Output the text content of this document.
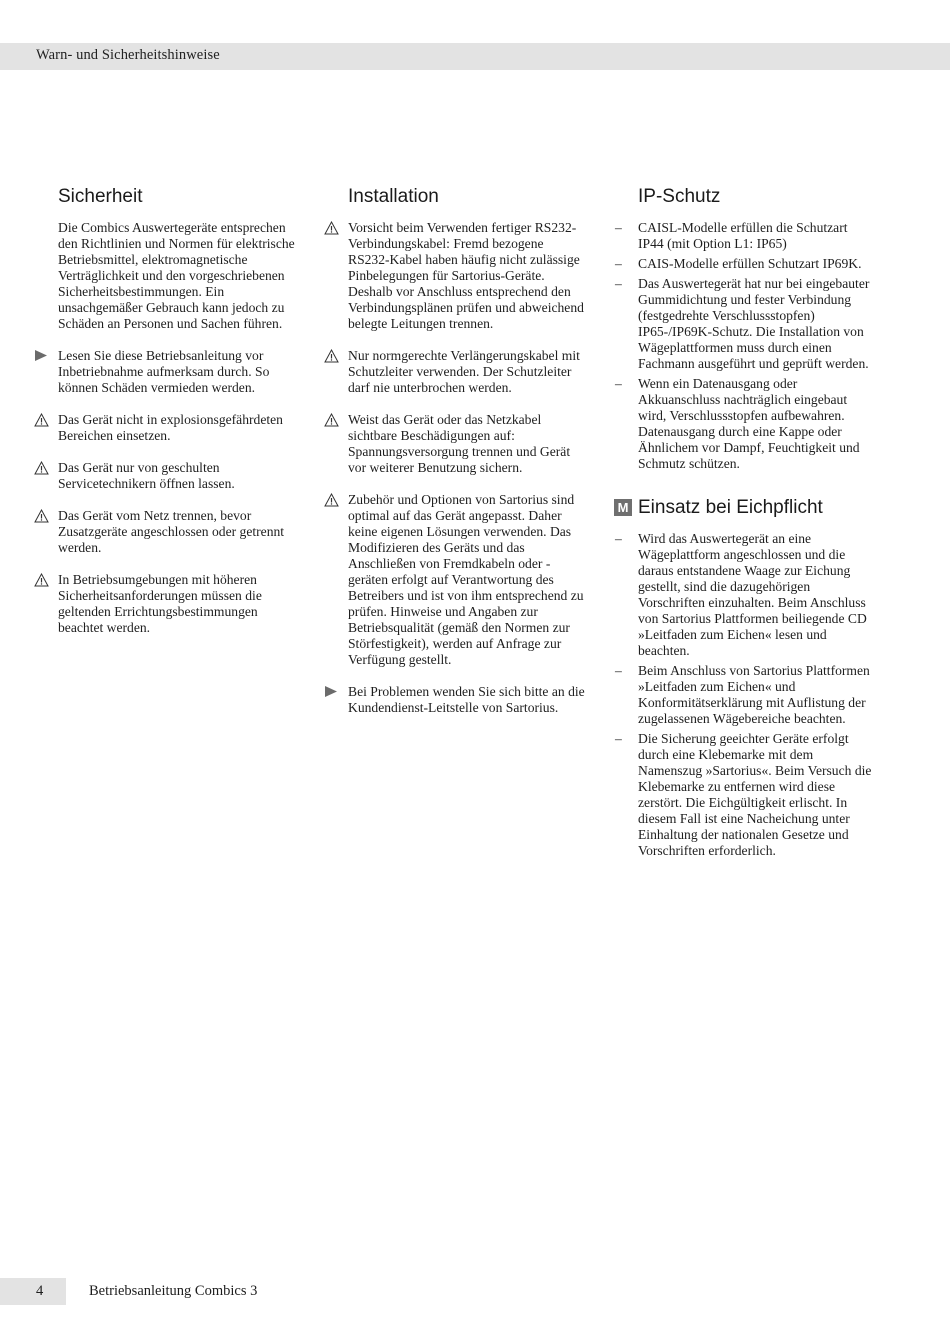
Warn- und Sicherheitshinweise
Sicherheit

Die Combics Auswertegeräte entsprechen den Richtlinien und Normen für elektrische Betriebsmittel, elektromagnetische Verträglichkeit und den vorgeschriebenen Sicherheitsbestimmungen. Ein unsachgemäßer Gebrauch kann jedoch zu Schäden an Personen und Sachen führen.

Lesen Sie diese Betriebsanleitung vor Inbetriebnahme aufmerksam durch. So können Schäden vermieden werden.
Das Gerät nicht in explosionsgefährdeten Bereichen einsetzen.
Das Gerät nur von geschulten Servicetechnikern öffnen lassen.
Das Gerät vom Netz trennen, bevor Zusatzgeräte angeschlossen oder getrennt werden.
In Betriebsumgebungen mit höheren Sicherheitsanforderungen müssen die geltenden Errichtungsbestimmungen beachtet werden.
Installation
Vorsicht beim Verwenden fertiger RS232-Verbindungskabel: Fremd bezogene RS232-Kabel haben häufig nicht zulässige Pinbelegungen für Sartorius-Geräte. Deshalb vor Anschluss entsprechend den Verbindungsplänen prüfen und abweichend belegte Leitungen trennen.
Nur normgerechte Verlängerungskabel mit Schutzleiter verwenden. Der Schutzleiter darf nie unterbrochen werden.
Weist das Gerät oder das Netzkabel sichtbare Beschädigungen auf: Spannungsversorgung trennen und Gerät vor weiterer Benutzung sichern.
Zubehör und Optionen von Sartorius sind optimal auf das Gerät angepasst. Daher keine eigenen Lösungen verwenden. Das Modifizieren des Geräts und das Anschließen von Fremdkabeln oder -geräten erfolgt auf Verantwortung des Betreibers und ist von ihm entsprechend zu prüfen. Hinweise und Angaben zur Betriebsqualität (gemäß den Normen zur Störfestigkeit), werden auf Anfrage zur Verfügung gestellt.
Bei Problemen wenden Sie sich bitte an die Kundendienst-Leitstelle von Sartorius.
IP-Schutz
– CAISL-Modelle erfüllen die Schutzart IP44 (mit Option L1: IP65)
– CAIS-Modelle erfüllen Schutzart IP69K.
– Das Auswertegerät hat nur bei eingebauter Gummidichtung und fester Verbindung (festgedrehte Verschlussstopfen) IP65-/IP69K-Schutz. Die Installation von Wägeplattformen muss durch einen Fachmann ausgeführt und geprüft werden.
– Wenn ein Datenausgang oder Akkuanschluss nachträglich eingebaut wird, Verschlussstopfen aufbewahren. Datenausgang durch eine Kappe oder Ähnlichem vor Dampf, Feuchtigkeit und Schmutz schützen.
M Einsatz bei Eichpflicht
– Wird das Auswertegerät an eine Wägeplattform angeschlossen und die daraus entstandene Waage zur Eichung gestellt, sind die dazugehörigen Vorschriften einzuhalten. Beim Anschluss von Sartorius Plattformen beiliegende CD »Leitfaden zum Eichen« lesen und beachten.
– Beim Anschluss von Sartorius Plattformen »Leitfaden zum Eichen« und Konformitätserklärung mit Auflistung der zugelassenen Wägebereiche beachten.
– Die Sicherung geeichter Geräte erfolgt durch eine Klebemarke mit dem Namenszug »Sartorius«. Beim Versuch die Klebemarke zu entfernen wird diese zerstört. Die Eichgültigkeit erlischt. In diesem Fall ist eine Nacheichung unter Einhaltung der nationalen Gesetze und Vorschriften erforderlich.
4	Betriebsanleitung Combics 3
